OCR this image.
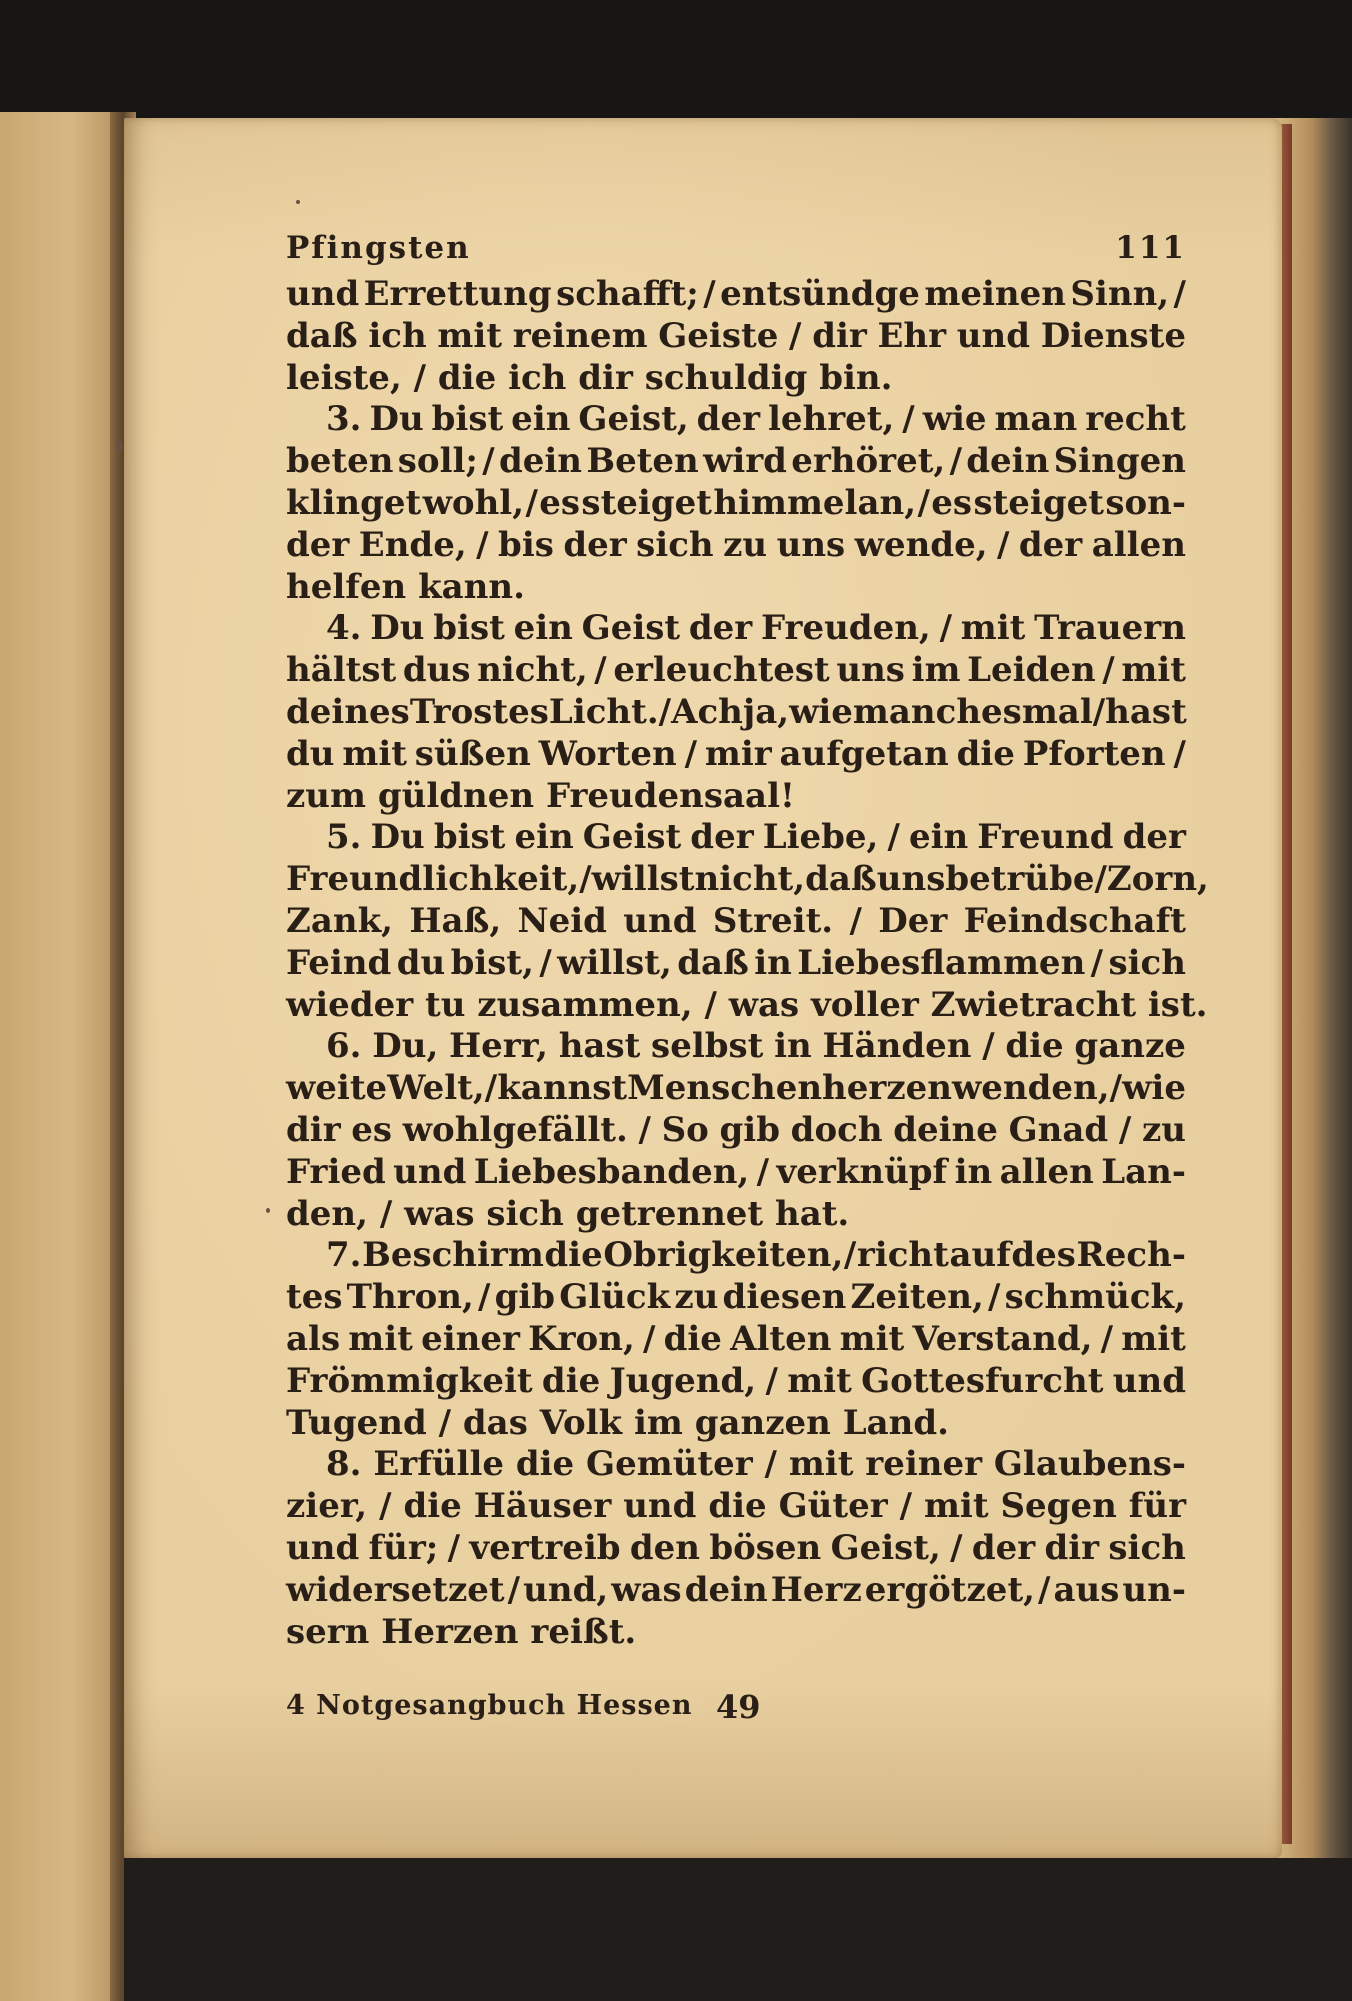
Pfingsten	111
und Errettung schafft; / entsündge meinen Sinn, /
daß ich mit reinem Geiste / dir Ehr und Dienste
leiste, / die ich dir schuldig bin.
3. Du bist ein Geist, der lehret, / wie man recht
beten soll; / dein Beten wird erhöret, / dein Singen
klinget wohl, / es steiget himmelan, / es steiget son-
der Ende, / bis der sich zu uns wende, / der allen
helfen kann.
4. Du bist ein Geist der Freuden, / mit Trauern
hältst dus nicht, / erleuchtest uns im Leiden / mit
deines Trostes Licht. / Ach ja, wie manchesmal / hast
du mit süßen Worten / mir aufgetan die Pforten /
zum güldnen Freudensaal!
5. Du bist ein Geist der Liebe, / ein Freund der
Freundlichkeit, / willst nicht, daß uns betrübe / Zorn,
Zank, Haß, Neid und Streit. / Der Feindschaft
Feind du bist, / willst, daß in Liebesflammen / sich
wieder tu zusammen, / was voller Zwietracht ist.
6. Du, Herr, hast selbst in Händen / die ganze
weite Welt, / kannst Menschenherzen wenden, / wie
dir es wohlgefällt. / So gib doch deine Gnad / zu
Fried und Liebesbanden, / verknüpf in allen Lan-
den, / was sich getrennet hat.
7. Beschirm die Obrigkeiten, / richt auf des Rech-
tes Thron, / gib Glück zu diesen Zeiten, / schmück,
als mit einer Kron, / die Alten mit Verstand, / mit
Frömmigkeit die Jugend, / mit Gottesfurcht und
Tugend / das Volk im ganzen Land.
8. Erfülle die Gemüter / mit reiner Glaubens-
zier, / die Häuser und die Güter / mit Segen für
und für; / vertreib den bösen Geist, / der dir sich
widersetzet / und, was dein Herz ergötzet, / aus un-
sern Herzen reißt.
4 Notgesangbuch Hessen 49
